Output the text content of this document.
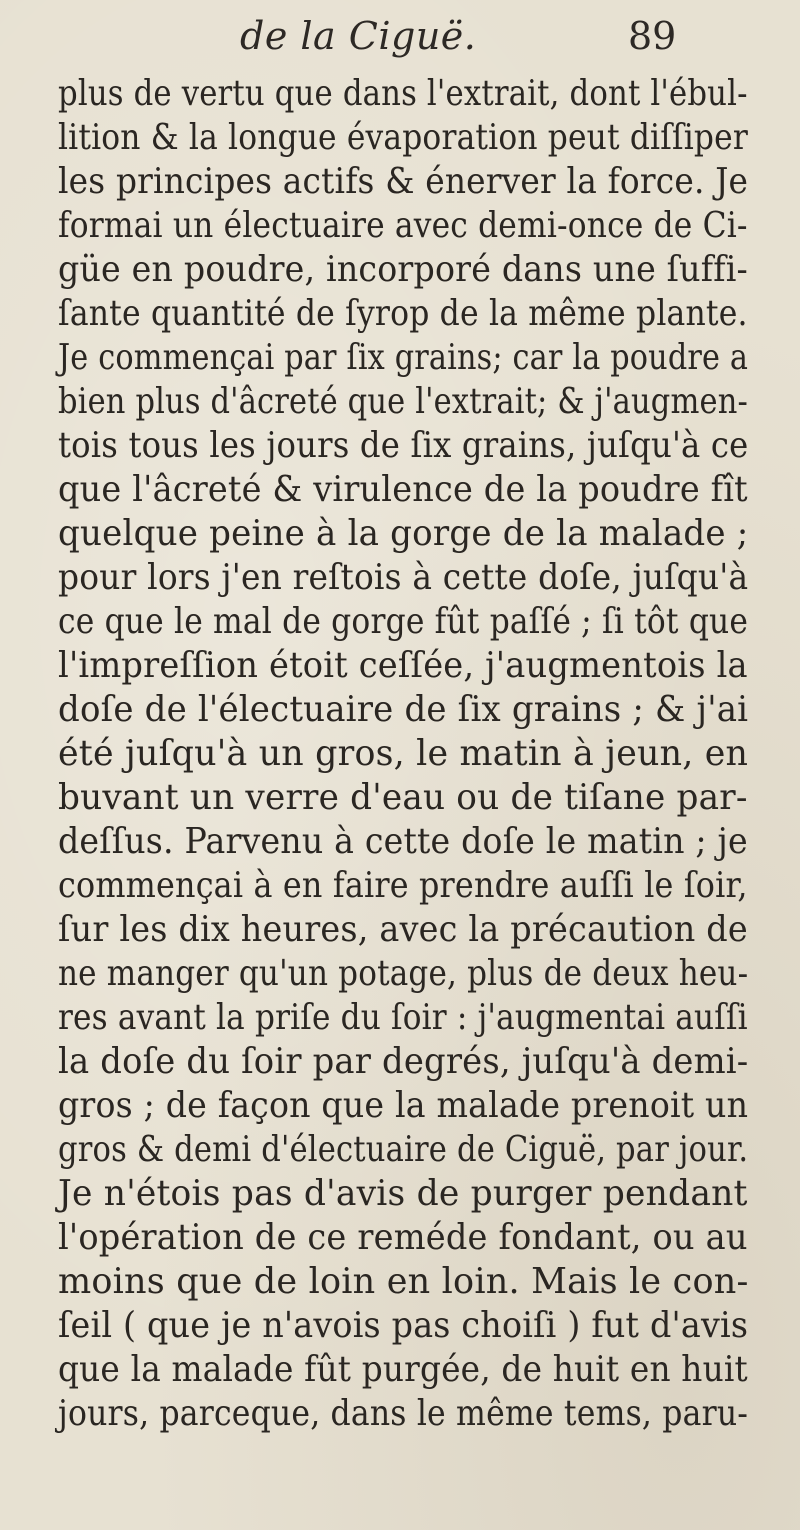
de la Ciguë.	89
plus de vertu que dans l'extrait, dont l'ébul-
lition & la longue évaporation peut diſſiper
les principes actifs & énerver la force. Je
formai un électuaire avec demi-once de Ci-
güe en poudre, incorporé dans une ſuffi-
ſante quantité de ſyrop de la même plante.
Je commençai par ſix grains; car la poudre a
bien plus d'âcreté que l'extrait; & j'augmen-
tois tous les jours de ſix grains, juſqu'à ce
que l'âcreté & virulence de la poudre fît
quelque peine à la gorge de la malade ;
pour lors j'en reſtois à cette doſe, juſqu'à
ce que le mal de gorge fût paſſé ; ſi tôt que
l'impreſſion étoit ceſſée, j'augmentois la
doſe de l'électuaire de ſix grains ; & j'ai
été juſqu'à un gros, le matin à jeun, en
buvant un verre d'eau ou de tiſane par-
deſſus. Parvenu à cette doſe le matin ; je
commençai à en faire prendre auſſi le ſoir,
ſur les dix heures, avec la précaution de
ne manger qu'un potage, plus de deux heu-
res avant la priſe du ſoir : j'augmentai auſſi
la doſe du ſoir par degrés, juſqu'à demi-
gros ; de façon que la malade prenoit un
gros & demi d'électuaire de Ciguë, par jour.
Je n'étois pas d'avis de purger pendant
l'opération de ce reméde fondant, ou au
moins que de loin en loin. Mais le con-
ſeil ( que je n'avois pas choiſi ) fut d'avis
que la malade fût purgée, de huit en huit
jours, parceque, dans le même tems, paru-
